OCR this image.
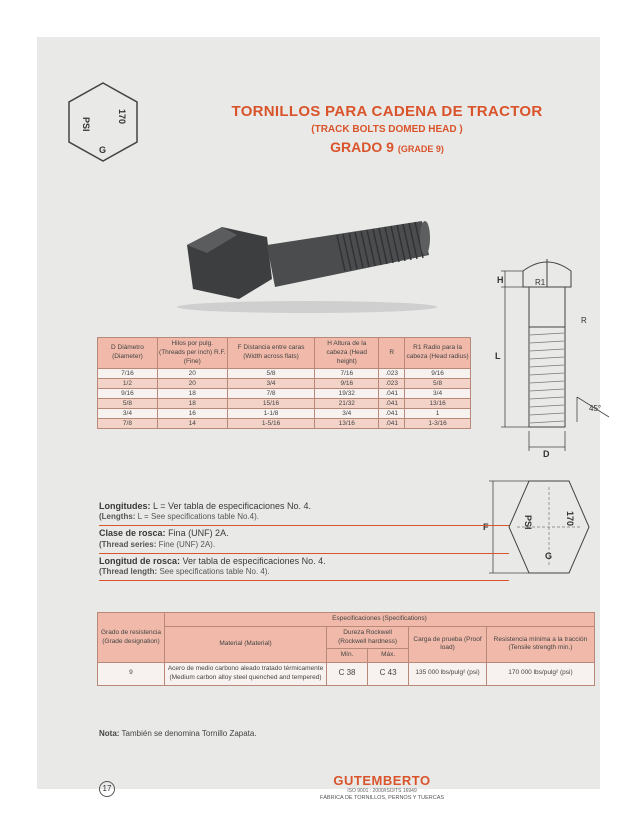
PSI
170
G
TORNILLOS PARA CADENA DE TRACTOR
(TRACK BOLTS DOMED HEAD )
GRADO 9 (GRADE 9)
H	R1
R
L
D
45°
F	PSI	170
G
D Diámetro (Diameter)	Hilos por pulg. (Threads per inch) R.F. (Fine)	F Distancia entre caras (Width across flats)	H Altura de la cabeza (Head height)	R	R1 Radio para la cabeza (Head radius)
7/16	20	5/8	7/16	.023	9/16
1/2	20	3/4	9/16	.023	5/8
9/16	18	7/8	19/32	.041	3/4
5/8	18	15/16	21/32	.041	13/16
3/4	16	1-1/8	3/4	.041	1
7/8	14	1-5/16	13/16	.041	1-3/16
Longitudes: L = Ver tabla de especificaciones No. 4.
(Lengths: L = See specifications table No.4).
Clase de rosca: Fina (UNF) 2A.
(Thread series: Fine (UNF) 2A).
Longitud de rosca: Ver tabla de especificaciones No. 4.
(Thread length: See specifications table No. 4).
Grado de resistencia (Grade designation)	Especificaciones (Specifications)				
	Material (Material)	Dureza Rockwell (Rockwell hardness)		Carga de prueba (Proof load)	Resistencia mínima a la tracción (Tensile strength min.)
		Mín.	Máx.		
9	Acero de medio carbono aleado tratado térmicamente (Medium carbon alloy steel quenched and tempered)	C 38	C 43	135 000 lbs/pulg² (psi)	170 000 lbs/pulg² (psi)
Nota: También se denomina Tornillo Zapata.
17
GUTEMBERTO
ISO 9001 : 2000/ISO/TS 16949
FÁBRICA DE TORNILLOS, PERNOS Y TUERCAS
